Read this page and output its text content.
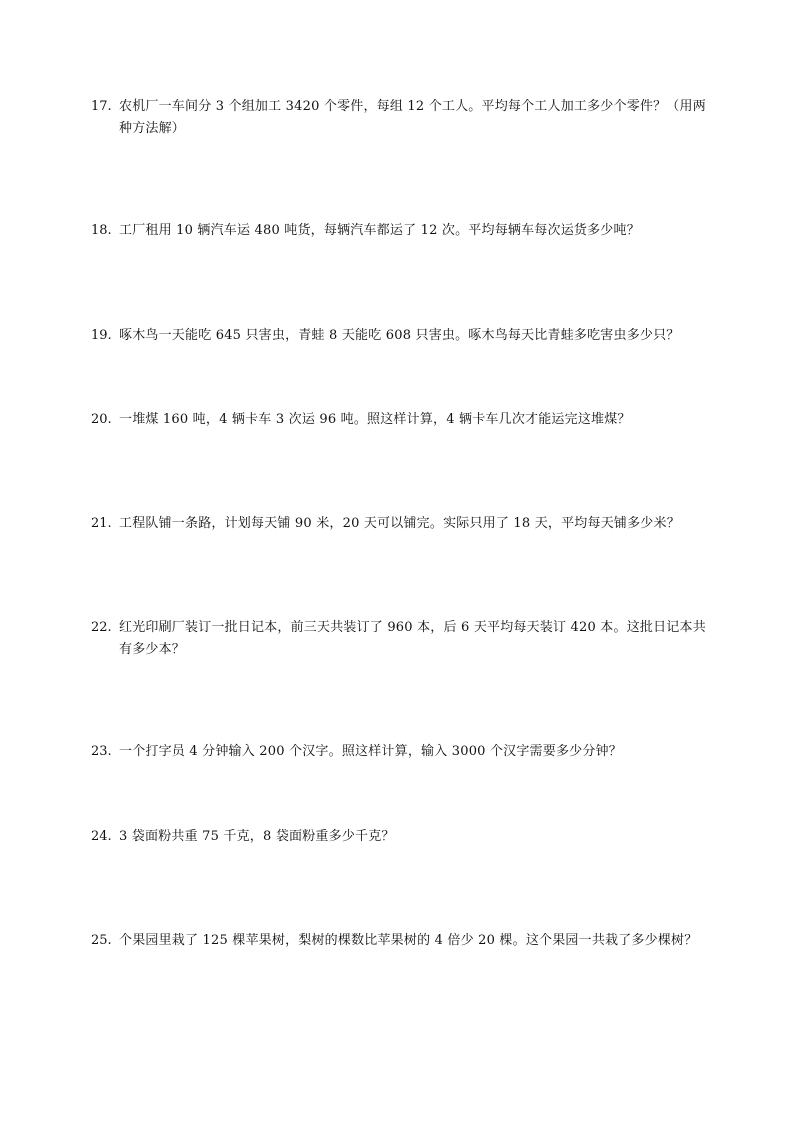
17. 农机厂一车间分 3 个组加工 3420 个零件，每组 12 个工人。平均每个工人加工多少个零件？（用两种方法解）
18. 工厂租用 10 辆汽车运 480 吨货，每辆汽车都运了 12 次。平均每辆车每次运货多少吨？
19. 啄木鸟一天能吃 645 只害虫，青蛙 8 天能吃 608 只害虫。啄木鸟每天比青蛙多吃害虫多少只？
20. 一堆煤 160 吨，4 辆卡车 3 次运 96 吨。照这样计算，4 辆卡车几次才能运完这堆煤？
21. 工程队铺一条路，计划每天铺 90 米，20 天可以铺完。实际只用了 18 天，平均每天铺多少米？
22. 红光印刷厂装订一批日记本，前三天共装订了 960 本，后 6 天平均每天装订 420 本。这批日记本共有多少本？
23. 一个打字员 4 分钟输入 200 个汉字。照这样计算，输入 3000 个汉字需要多少分钟？
24. 3 袋面粉共重 75 千克，8 袋面粉重多少千克？
25. 个果园里栽了 125 棵苹果树，梨树的棵数比苹果树的 4 倍少 20 棵。这个果园一共栽了多少棵树？
